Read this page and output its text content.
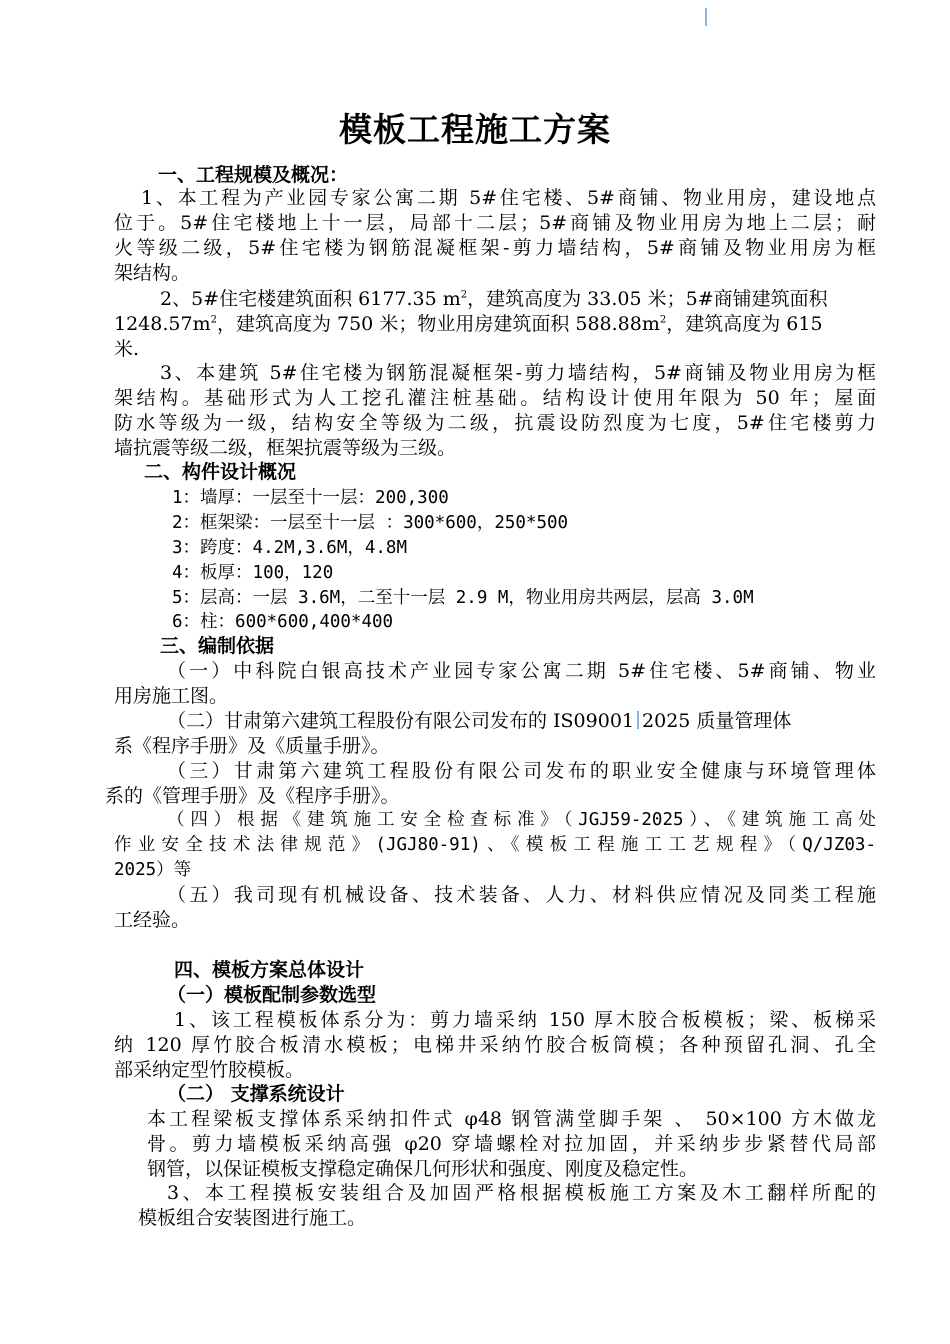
模板工程施工方案

一、工程规模及概况：

1、本工程为产业园专家公寓二期 5#住宅楼、5#商铺、物业用房，建设地点

位于。5#住宅楼地上十一层，局部十二层；5#商铺及物业用房为地上二层；耐

火等级二级，5#住宅楼为钢筋混凝框架-剪力墙结构，5#商铺及物业用房为框

架结构。

2、5#住宅楼建筑面积 6177.35 $m^2$，建筑高度为 33.05 米；5#商铺建筑面积

$1248.57m^2$，建筑高度为 750 米；物业用房建筑面积 $588.88m^2$，建筑高度为 615

米.

3、本建筑 5#住宅楼为钢筋混凝框架-剪力墙结构，5#商铺及物业用房为框

架结构。基础形式为人工挖孔灌注桩基础。结构设计使用年限为 50 年；屋面

防水等级为一级，结构安全等级为二级，抗震设防烈度为七度，5#住宅楼剪力

墙抗震等级二级，框架抗震等级为三级。

二、构件设计概况

1：墙厚：一层至十一层：200,300

2：框架梁：一层至十一层 ：300*600，250*500

3：跨度：4.2M,3.6M，4.8M

4：板厚：100，120

5：层高：一层 3.6M，二至十一层 2.9 M，物业用房共两层，层高 3.0M

6：柱：600*600,400*400

三、编制依据

（一）中科院白银高技术产业园专家公寓二期 5#住宅楼、5#商铺、物业

用房施工图。

（二）甘肃第六建筑工程股份有限公司发布的 IS09001 2025 质量管理体

系《程序手册》及《质量手册》。

（三）甘肃第六建筑工程股份有限公司发布的职业安全健康与环境管理体

系的《管理手册》及《程序手册》。

（四）根据《建筑施工安全检查标准》（JGJ59-2025）、《建筑施工高处

作业安全技术法律规范》(JGJ80-91)、《模板工程施工工艺规程》（Q/JZ03-

2025）等

（五）我司现有机械设备、技术装备、人力、材料供应情况及同类工程施

工经验。

四、模板方案总体设计

（一）模板配制参数选型

1、该工程模板体系分为：剪力墙采纳 150 厚木胶合板模板；梁、板梯采

纳 120 厚竹胶合板清水模板；电梯井采纳竹胶合板筒模；各种预留孔洞、孔全

部采纳定型竹胶模板。

（二） 支撑系统设计

本工程梁板支撑体系采纳扣件式 φ48 钢管满堂脚手架 、 50×100 方木做龙

骨。剪力墙模板采纳高强 φ20 穿墙螺栓对拉加固，并采纳步步紧替代局部

钢管，以保证模板支撑稳定确保几何形状和强度、刚度及稳定性。

3、本工程摸板安装组合及加固严格根据模板施工方案及木工翻样所配的

模板组合安装图进行施工。
